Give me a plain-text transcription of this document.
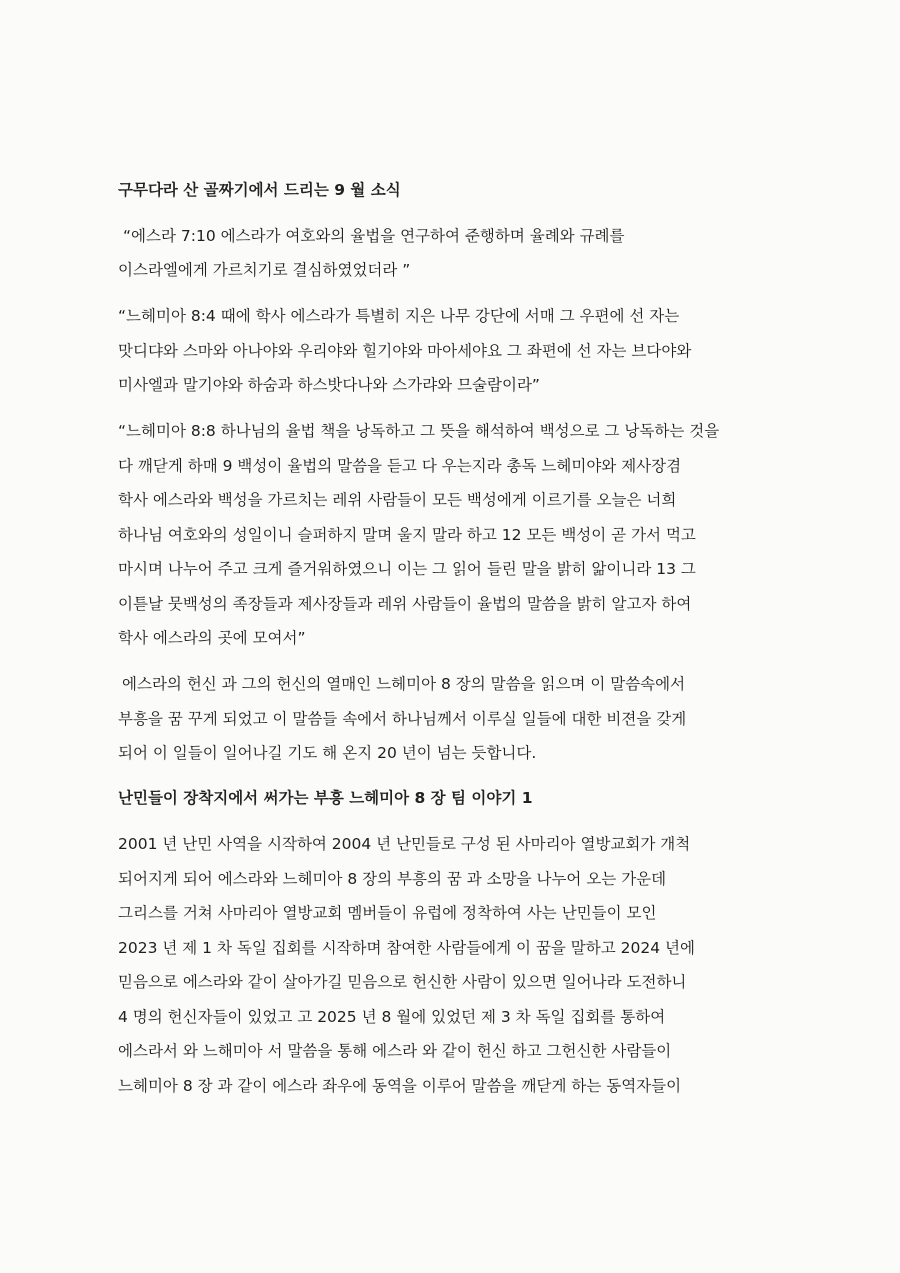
구무다라 산 골짜기에서 드리는 9 월 소식
“에스라 7:10 에스라가 여호와의 율법을 연구하여 준행하며 율례와 규례를
이스라엘에게 가르치기로 결심하였었더라 ”
“느헤미아 8:4 때에 학사 에스라가 특별히 지은 나무 강단에 서매 그 우편에 선 자는
맛디댜와 스마와 아나야와 우리야와 힐기야와 마아세야요 그 좌편에 선 자는 브다야와
미사엘과 말기야와 하숨과 하스밧다나와 스가랴와 므술람이라”
“느헤미아 8:8 하나님의 율법 책을 낭독하고 그 뜻을 해석하여 백성으로 그 낭독하는 것을
다 깨닫게 하매 9 백성이 율법의 말씀을 듣고 다 우는지라 총독 느헤미야와 제사장겸
학사 에스라와 백성을 가르치는 레위 사람들이 모든 백성에게 이르기를 오늘은 너희
하나님 여호와의 성일이니 슬퍼하지 말며 울지 말라 하고 12 모든 백성이 곧 가서 먹고
마시며 나누어 주고 크게 즐거워하였으니 이는 그 읽어 들린 말을 밝히 앎이니라 13 그
이튿날 뭇백성의 족장들과 제사장들과 레위 사람들이 율법의 말씀을 밝히 알고자 하여
학사 에스라의 곳에 모여서”
에스라의 헌신 과 그의 헌신의 열매인 느헤미아 8 장의 말씀을 읽으며 이 말씀속에서
부흥을 꿈 꾸게 되었고 이 말씀들 속에서 하나님께서 이루실 일들에 대한 비젼을 갖게
되어 이 일들이 일어나길 기도 해 온지 20 년이 넘는 듯합니다.
난민들이 장착지에서 써가는 부흥 느헤미아 8 장 팀 이야기 1
2001 년 난민 사역을 시작하여 2004 년 난민들로 구성 된 사마리아 열방교회가 개척
되어지게 되어 에스라와 느헤미아 8 장의 부흥의 꿈 과 소망을 나누어 오는 가운데
그리스를 거쳐 사마리아 열방교회 멤버들이 유럽에 정착하여 사는 난민들이 모인
2023 년 제 1 차 독일 집회를 시작하며 참여한 사람들에게 이 꿈을 말하고 2024 년에
믿음으로 에스라와 같이 살아가길 믿음으로 헌신한 사람이 있으면 일어나라 도전하니
4 명의 헌신자들이 있었고 고 2025 년 8 월에 있었던 제 3 차 독일 집회를 통하여
에스라서 와 느해미아 서 말씀을 통해 에스라 와 같이 헌신 하고 그헌신한 사람들이
느헤미아 8 장 과 같이 에스라 좌우에 동역을 이루어 말씀을 깨닫게 하는 동역자들이
